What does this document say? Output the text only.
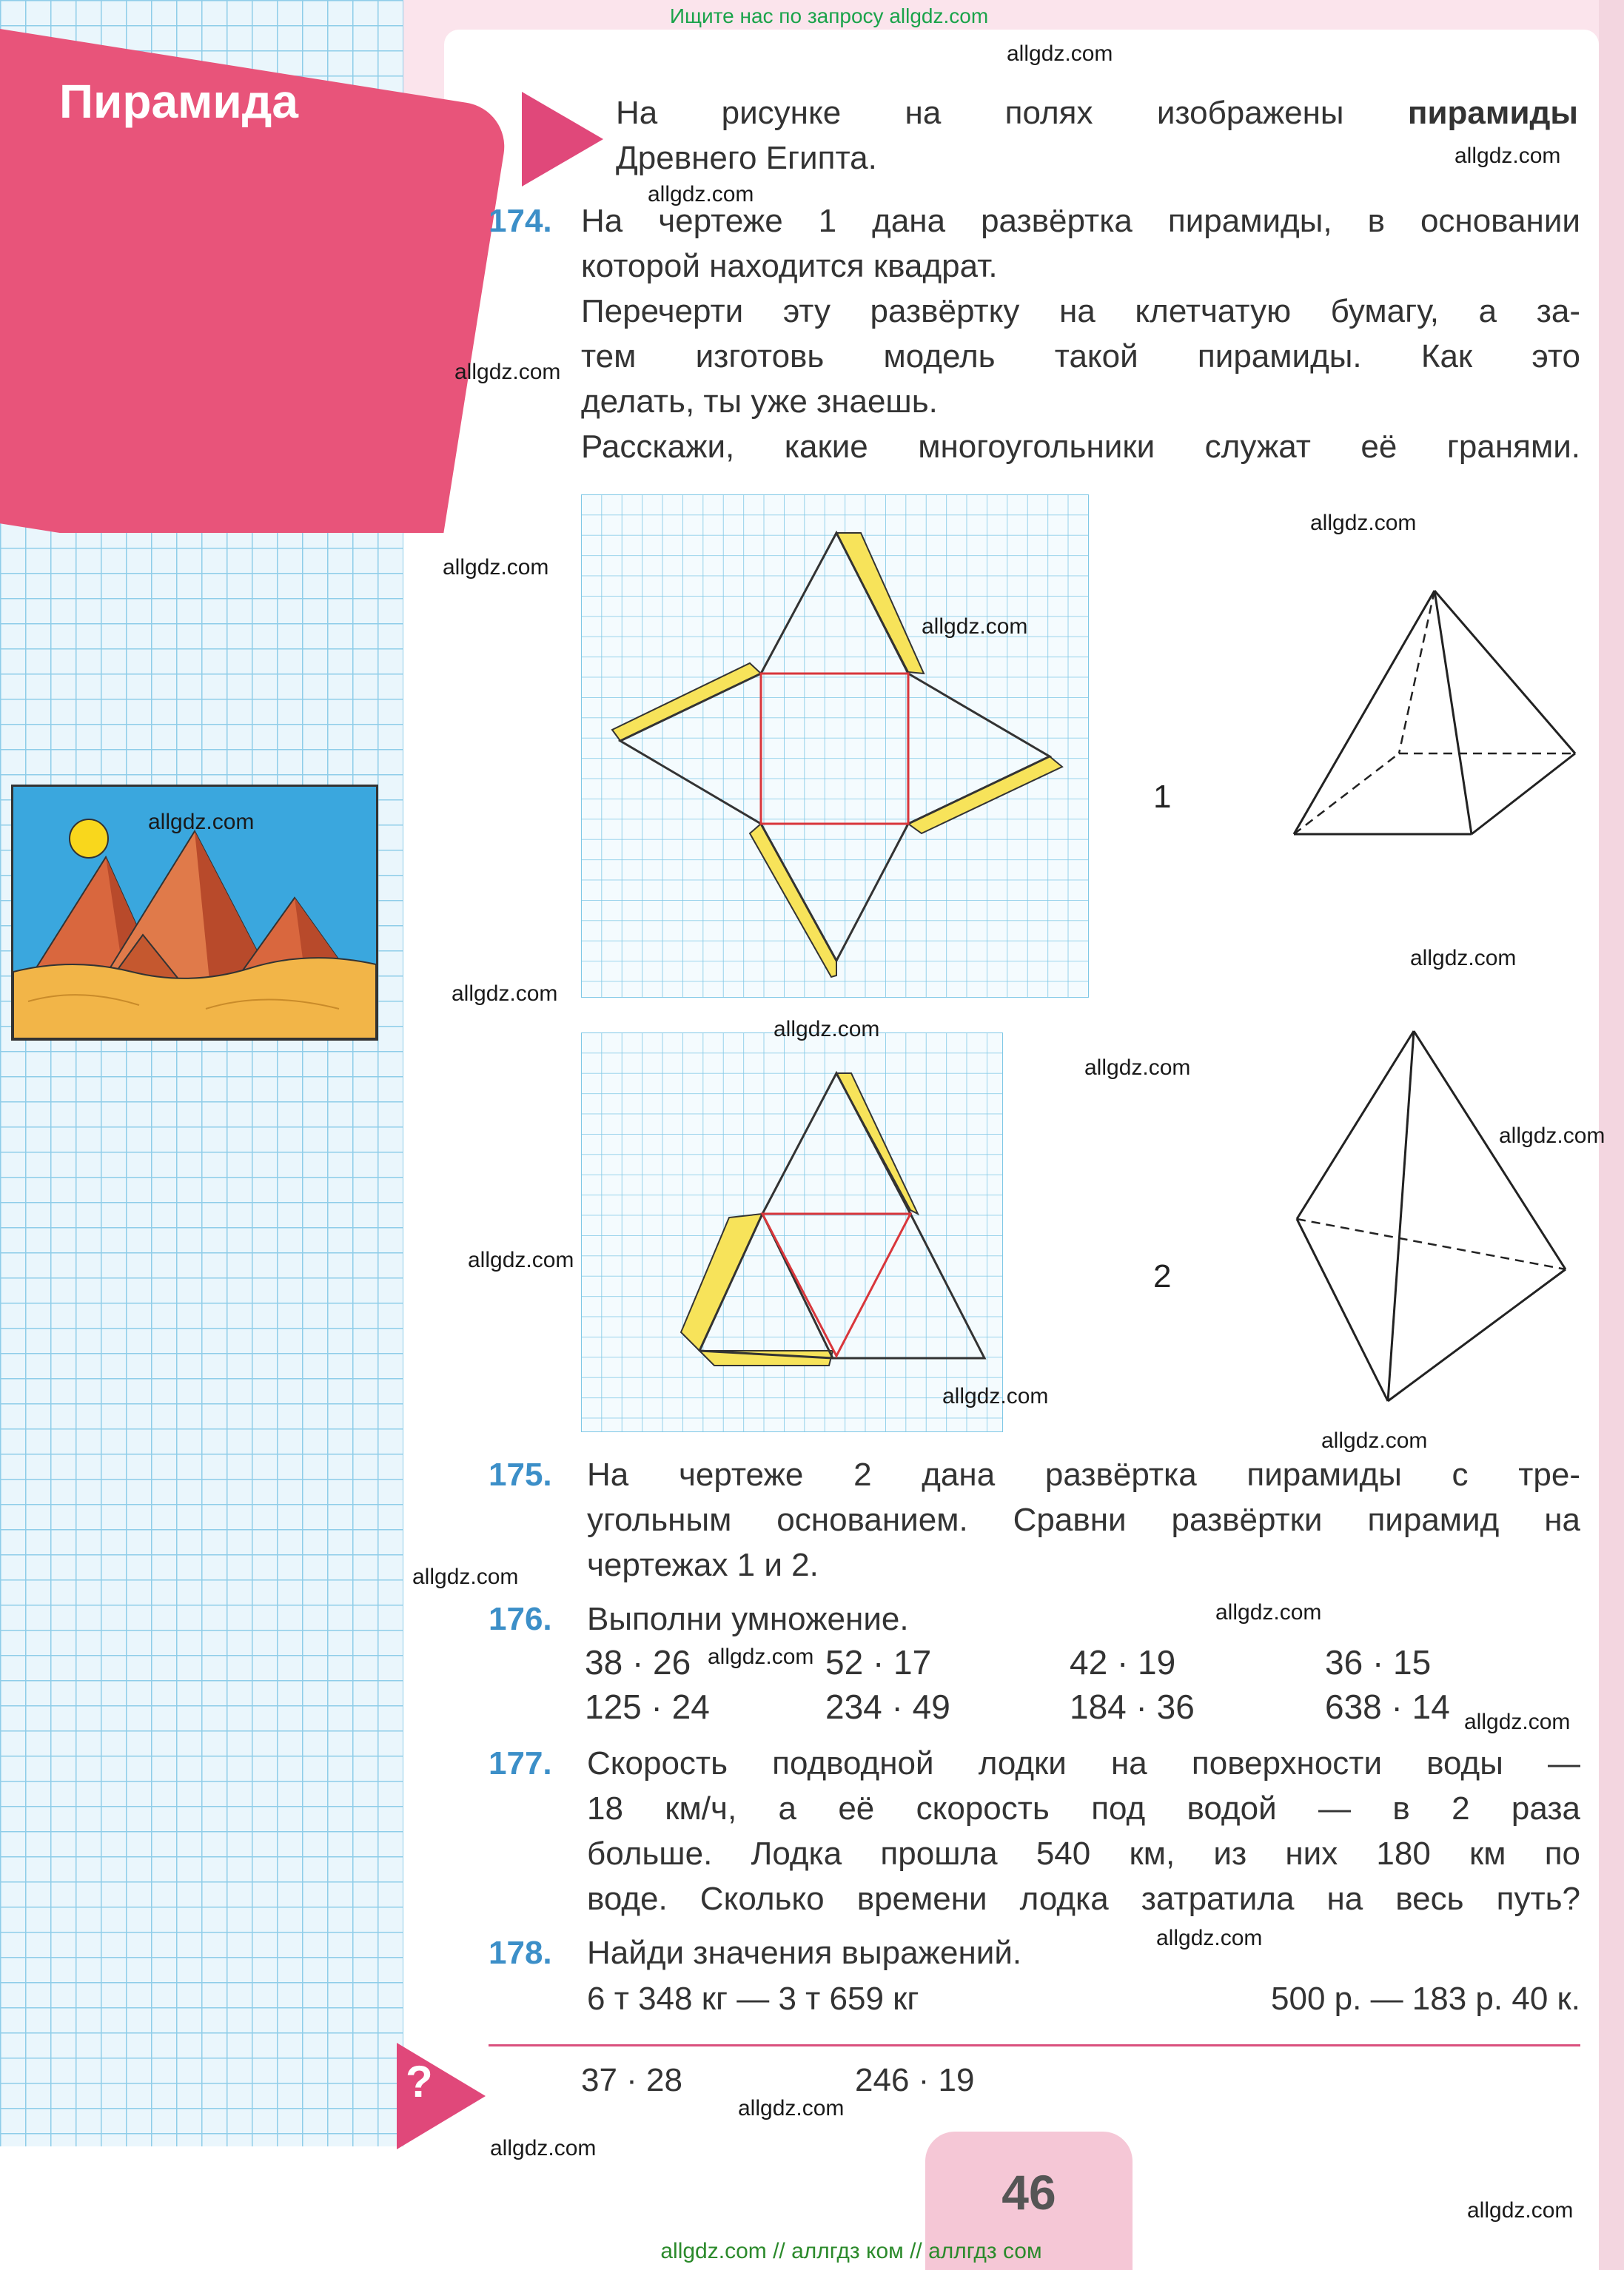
Пирамида
Ищите нас по запросу allgdz.com
На рисунке на полях изображены пирамиды
Древнего Египта.
174. На чертеже 1 дана развёртка пирамиды, в основании
которой находится квадрат.
Перечерти эту развёртку на клетчатую бумагу, а за-
тем изготовь модель такой пирамиды. Как это
делать, ты уже знаешь.
Расскажи, какие многоугольники служат её гранями.
1
2
175. На чертеже 2 дана развёртка пирамиды с тре-
угольным основанием. Сравни развёртки пирамид на
чертежах 1 и 2.
176. Выполни умножение.
38 · 26	52 · 17	42 · 19	36 · 15
125 · 24	234 · 49	184 · 36	638 · 14
177. Скорость подводной лодки на поверхности воды —
18 км/ч, а её скорость под водой — в 2 раза
больше. Лодка прошла 540 км, из них 180 км по
воде. Сколько времени лодка затратила на весь путь?
178. Найди значения выражений.
6 т 348 кг — 3 т 659 кг	500 р. — 183 р. 40 к.
?	37 · 28	246 · 19
46
allgdz.com
allgdz.com
allgdz.com
allgdz.com
allgdz.com
allgdz.com
allgdz.com
allgdz.com
allgdz.com
allgdz.com
allgdz.com
allgdz.com
allgdz.com
allgdz.com
allgdz.com
allgdz.com
allgdz.com
allgdz.com
allgdz.com
allgdz.com
allgdz.com
allgdz.com
allgdz.com
allgdz.com
allgdz.com // аллгдз ком // аллгдз сом
